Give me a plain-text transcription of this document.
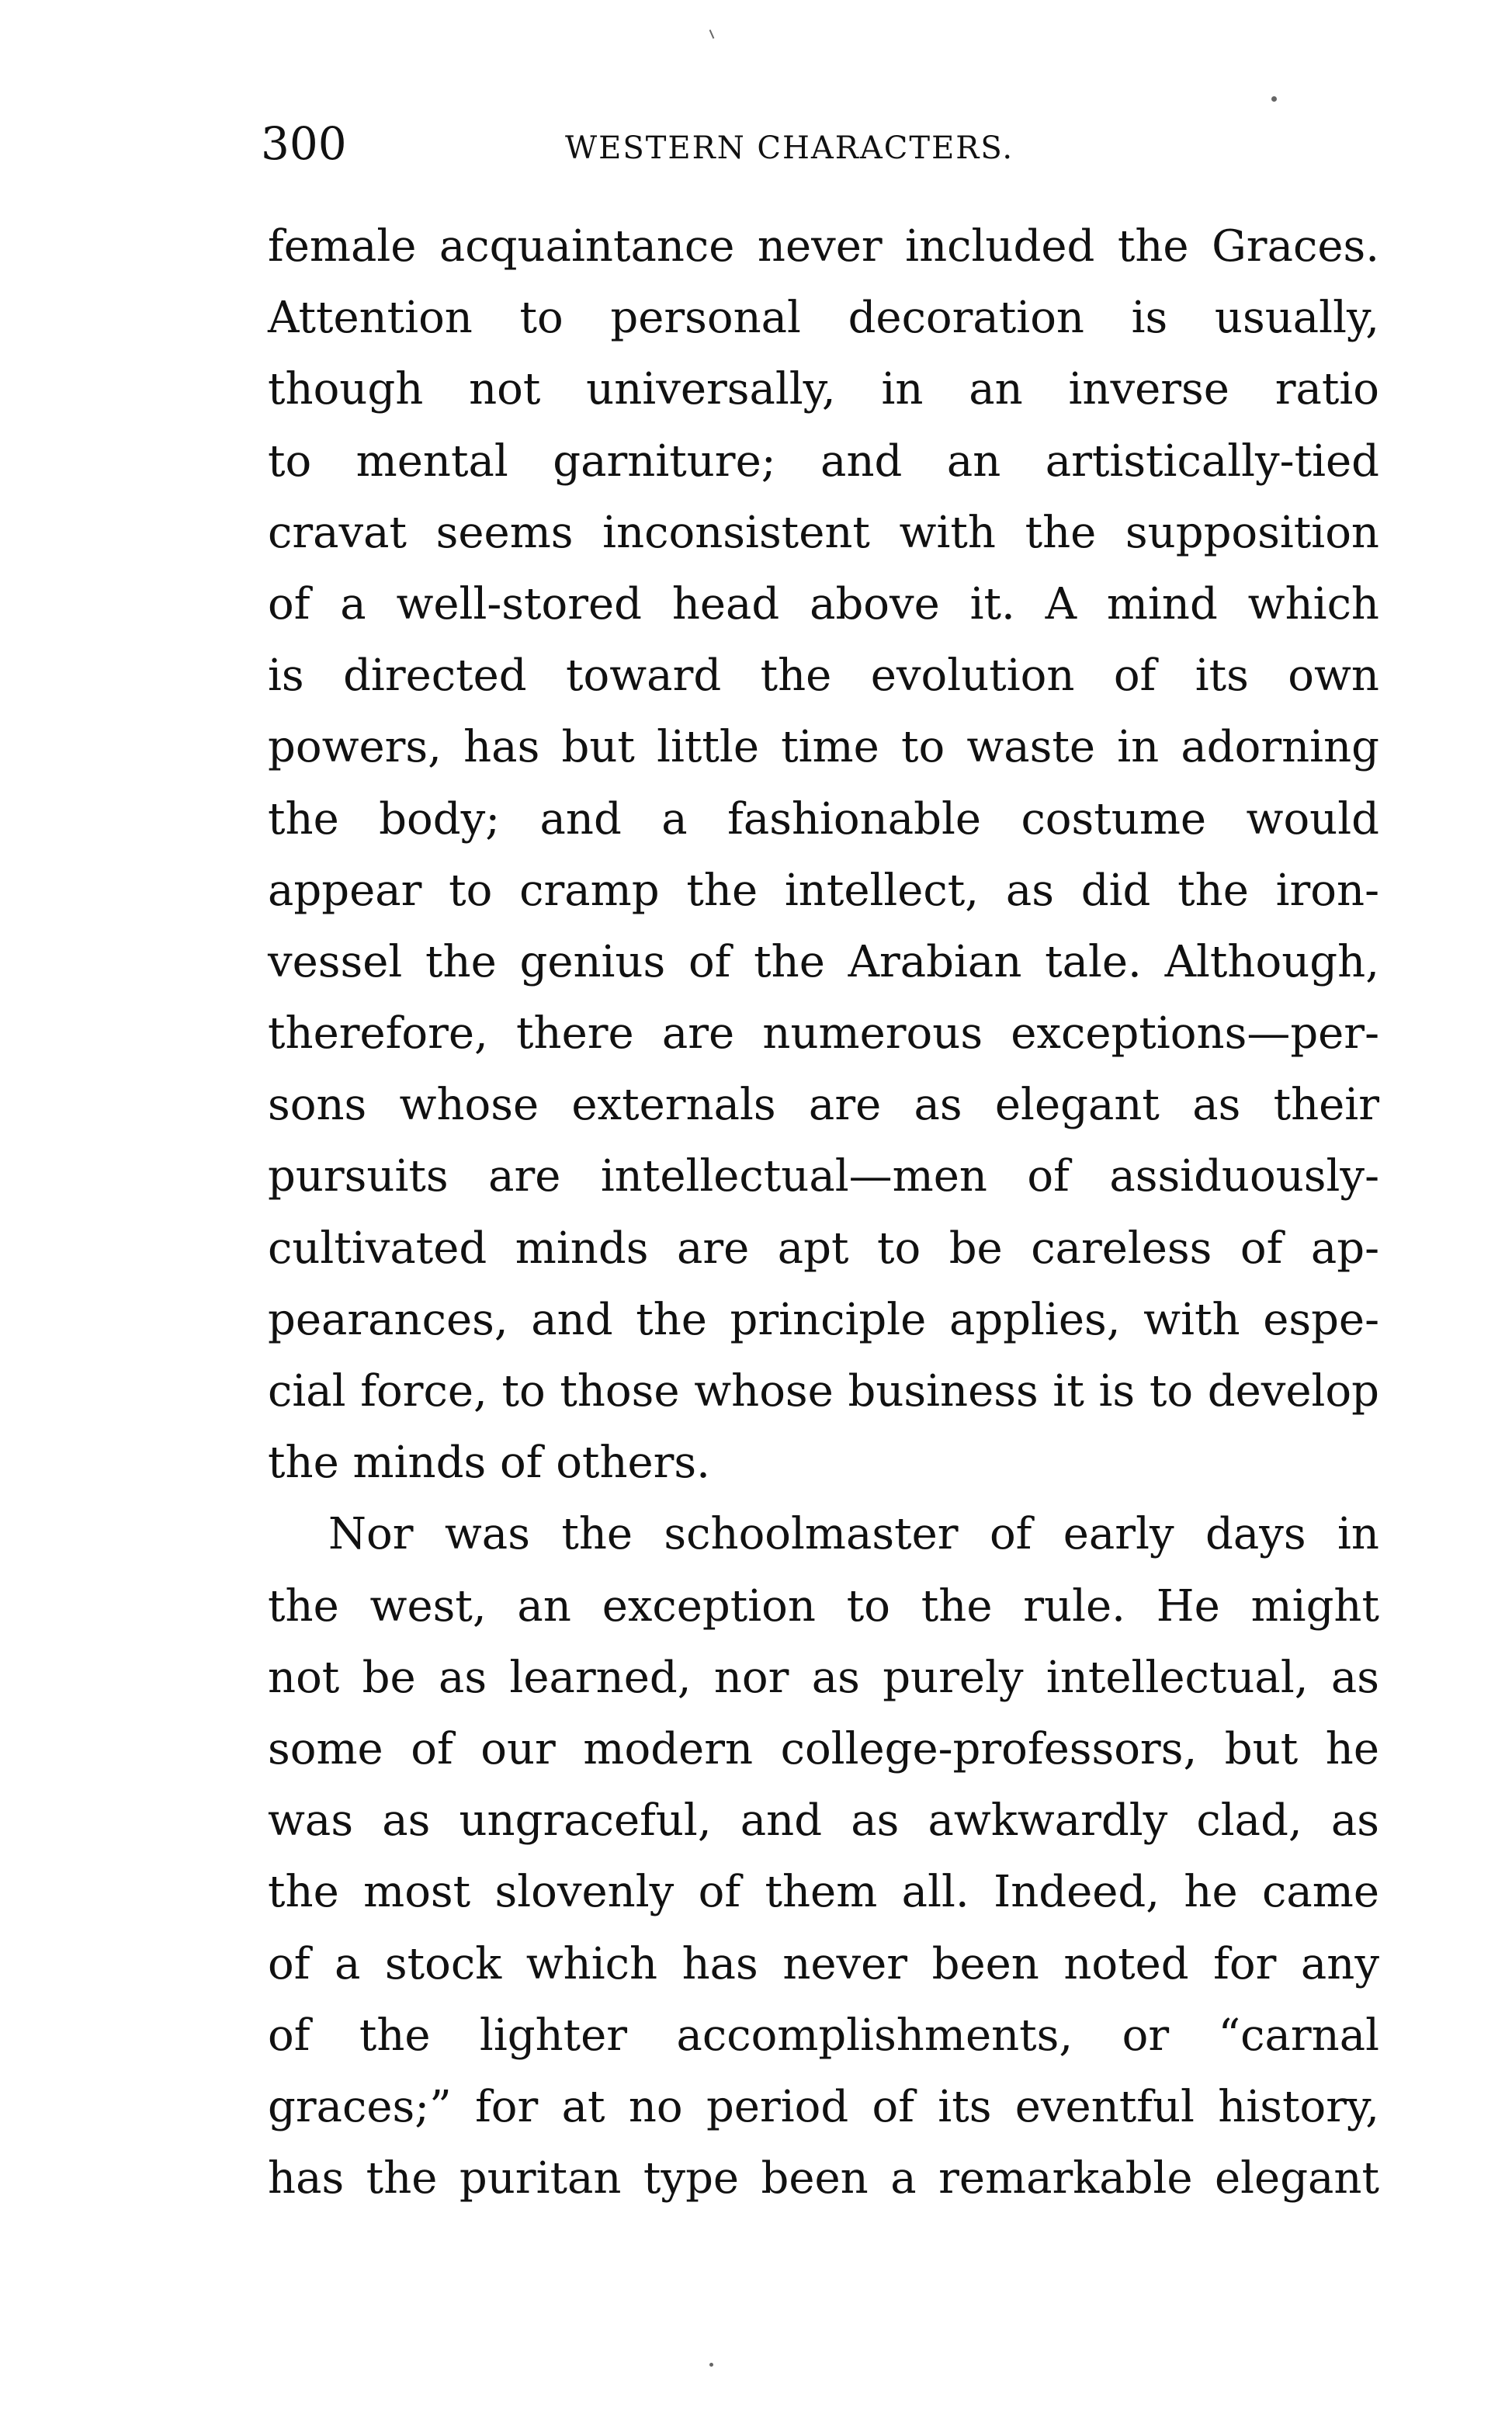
300	WESTERN CHARACTERS.
female acquaintance never included the Graces.
Attention to personal decoration is usually,
though not universally, in an inverse ratio
to mental garniture; and an artistically-tied
cravat seems inconsistent with the supposition
of a well-stored head above it. A mind which
is directed toward the evolution of its own
powers, has but little time to waste in adorning
the body; and a fashionable costume would
appear to cramp the intellect, as did the iron-
vessel the genius of the Arabian tale. Although,
therefore, there are numerous exceptions—per-
sons whose externals are as elegant as their
pursuits are intellectual—men of assiduously-
cultivated minds are apt to be careless of ap-
pearances, and the principle applies, with espe-
cial force, to those whose business it is to develop
the minds of others.
Nor was the schoolmaster of early days in
the west, an exception to the rule. He might
not be as learned, nor as purely intellectual, as
some of our modern college-professors, but he
was as ungraceful, and as awkwardly clad, as
the most slovenly of them all. Indeed, he came
of a stock which has never been noted for any
of the lighter accomplishments, or “carnal
graces;” for at no period of its eventful history,
has the puritan type been a remarkable elegant
